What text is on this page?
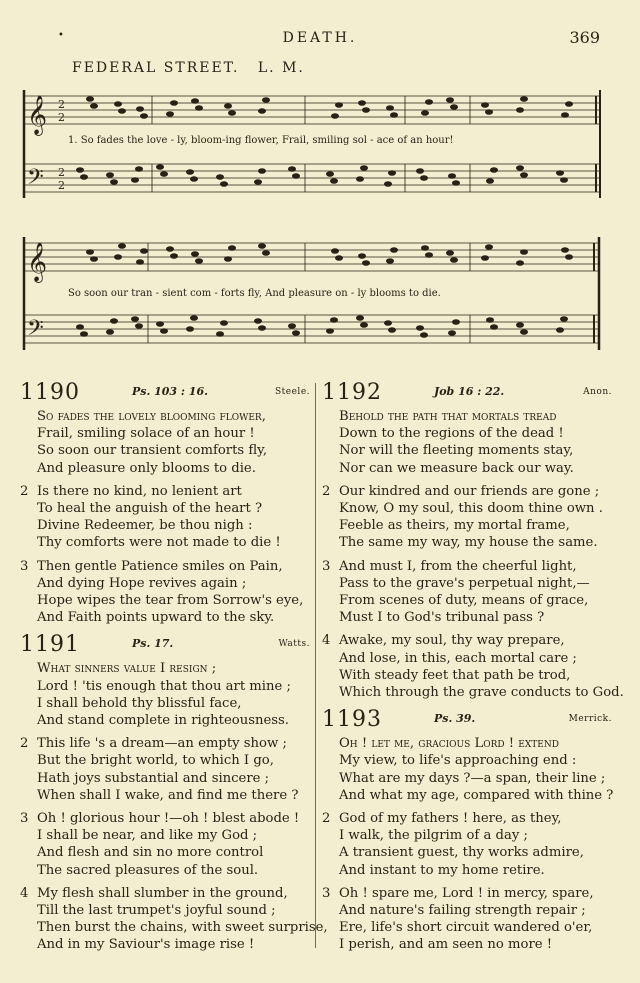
•	DEATH.	369
FEDERAL STREET. L. M.
𝄞
𝄢
𝄞
𝄢
2
2
2
2
1. So fades the love - ly, bloom-ing flower, Frail, smiling sol - ace of an hour!
So soon our tran - sient com - forts fly, And pleasure on - ly blooms to die.
1190	Ps. 103 : 16.	Steele.
So fades the lovely blooming flower,
Frail, smiling solace of an hour !
So soon our transient comforts fly,
And pleasure only blooms to die.
2 Is there no kind, no lenient art
To heal the anguish of the heart ?
Divine Redeemer, be thou nigh :
Thy comforts were not made to die !
3 Then gentle Patience smiles on Pain,
And dying Hope revives again ;
Hope wipes the tear from Sorrow's eye,
And Faith points upward to the sky.
1191	Ps. 17.	Watts.
What sinners value I resign ;
Lord ! 'tis enough that thou art mine ;
I shall behold thy blissful face,
And stand complete in righteousness.
2 This life 's a dream—an empty show ;
But the bright world, to which I go,
Hath joys substantial and sincere ;
When shall I wake, and find me there ?
3 Oh ! glorious hour !—oh ! blest abode !
I shall be near, and like my God ;
And flesh and sin no more control
The sacred pleasures of the soul.
4 My flesh shall slumber in the ground,
Till the last trumpet's joyful sound ;
Then burst the chains, with sweet surprise,
And in my Saviour's image rise !
1192	Job 16 : 22.	Anon.
Behold the path that mortals tread
Down to the regions of the dead !
Nor will the fleeting moments stay,
Nor can we measure back our way.
2 Our kindred and our friends are gone ;
Know, O my soul, this doom thine own .
Feeble as theirs, my mortal frame,
The same my way, my house the same.
3 And must I, from the cheerful light,
Pass to the grave's perpetual night,—
From scenes of duty, means of grace,
Must I to God's tribunal pass ?
4 Awake, my soul, thy way prepare,
And lose, in this, each mortal care ;
With steady feet that path be trod,
Which through the grave conducts to God.
1193	Ps. 39.	Merrick.
Oh ! let me, gracious Lord ! extend
My view, to life's approaching end :
What are my days ?—a span, their line ;
And what my age, compared with thine ?
2 God of my fathers ! here, as they,
I walk, the pilgrim of a day ;
A transient guest, thy works admire,
And instant to my home retire.
3 Oh ! spare me, Lord ! in mercy, spare,
And nature's failing strength repair ;
Ere, life's short circuit wandered o'er,
I perish, and am seen no more !
